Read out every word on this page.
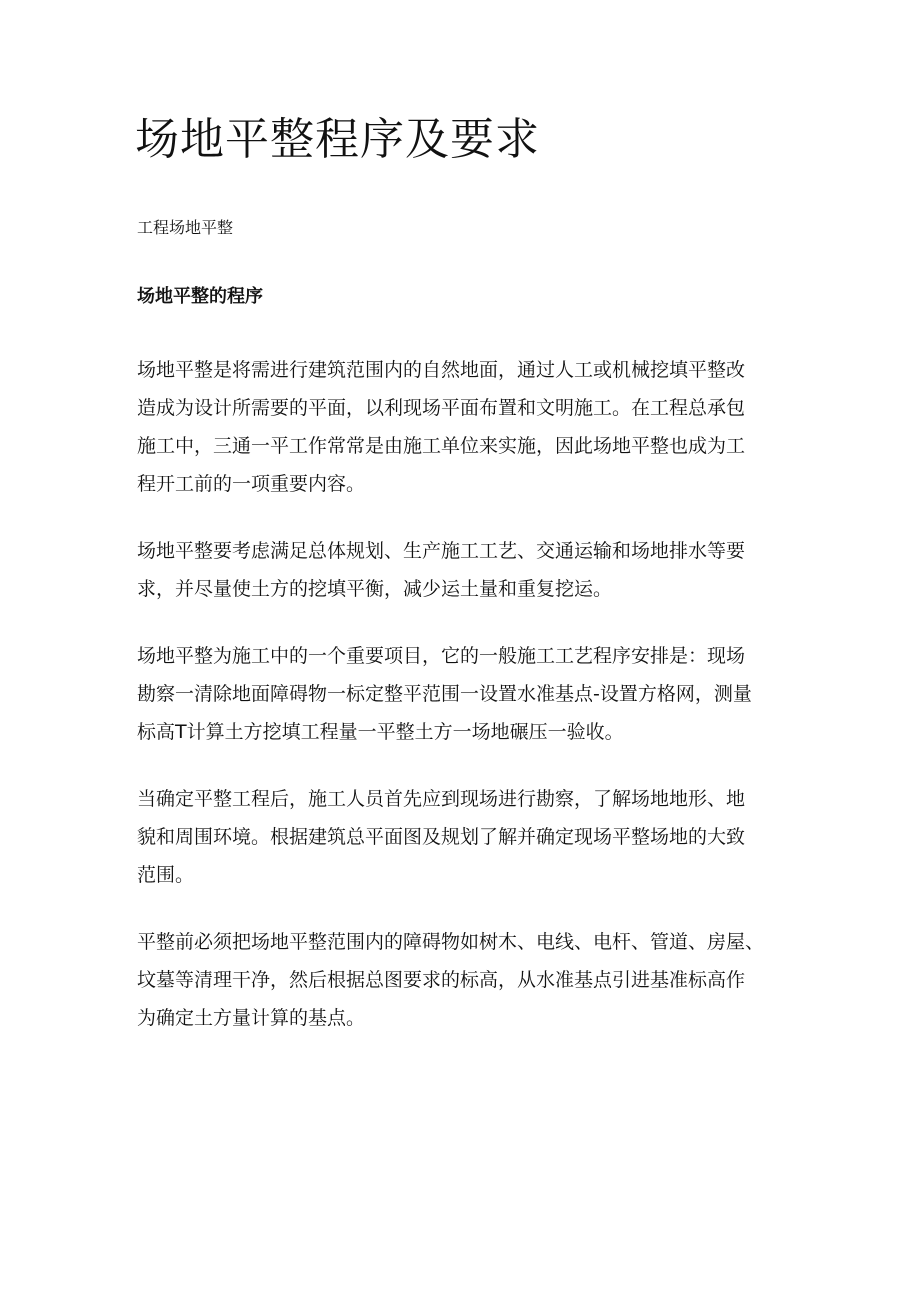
场地平整程序及要求

工程场地平整

场地平整的程序

场地平整是将需进行建筑范围内的自然地面，通过人工或机械挖填平整改
造成为设计所需要的平面，以利现场平面布置和文明施工。在工程总承包
施工中，三通一平工作常常是由施工单位来实施，因此场地平整也成为工
程开工前的一项重要内容。

场地平整要考虑满足总体规划、生产施工工艺、交通运输和场地排水等要
求，并尽量使土方的挖填平衡，减少运土量和重复挖运。

场地平整为施工中的一个重要项目，它的一般施工工艺程序安排是：现场
勘察一清除地面障碍物一标定整平范围一设置水准基点-设置方格网，测量
标高T计算土方挖填工程量一平整土方一场地碾压一验收。

当确定平整工程后，施工人员首先应到现场进行勘察，了解场地地形、地
貌和周围环境。根据建筑总平面图及规划了解并确定现场平整场地的大致
范围。

平整前必须把场地平整范围内的障碍物如树木、电线、电杆、管道、房屋、
坟墓等清理干净，然后根据总图要求的标高，从水准基点引进基准标高作
为确定土方量计算的基点。
